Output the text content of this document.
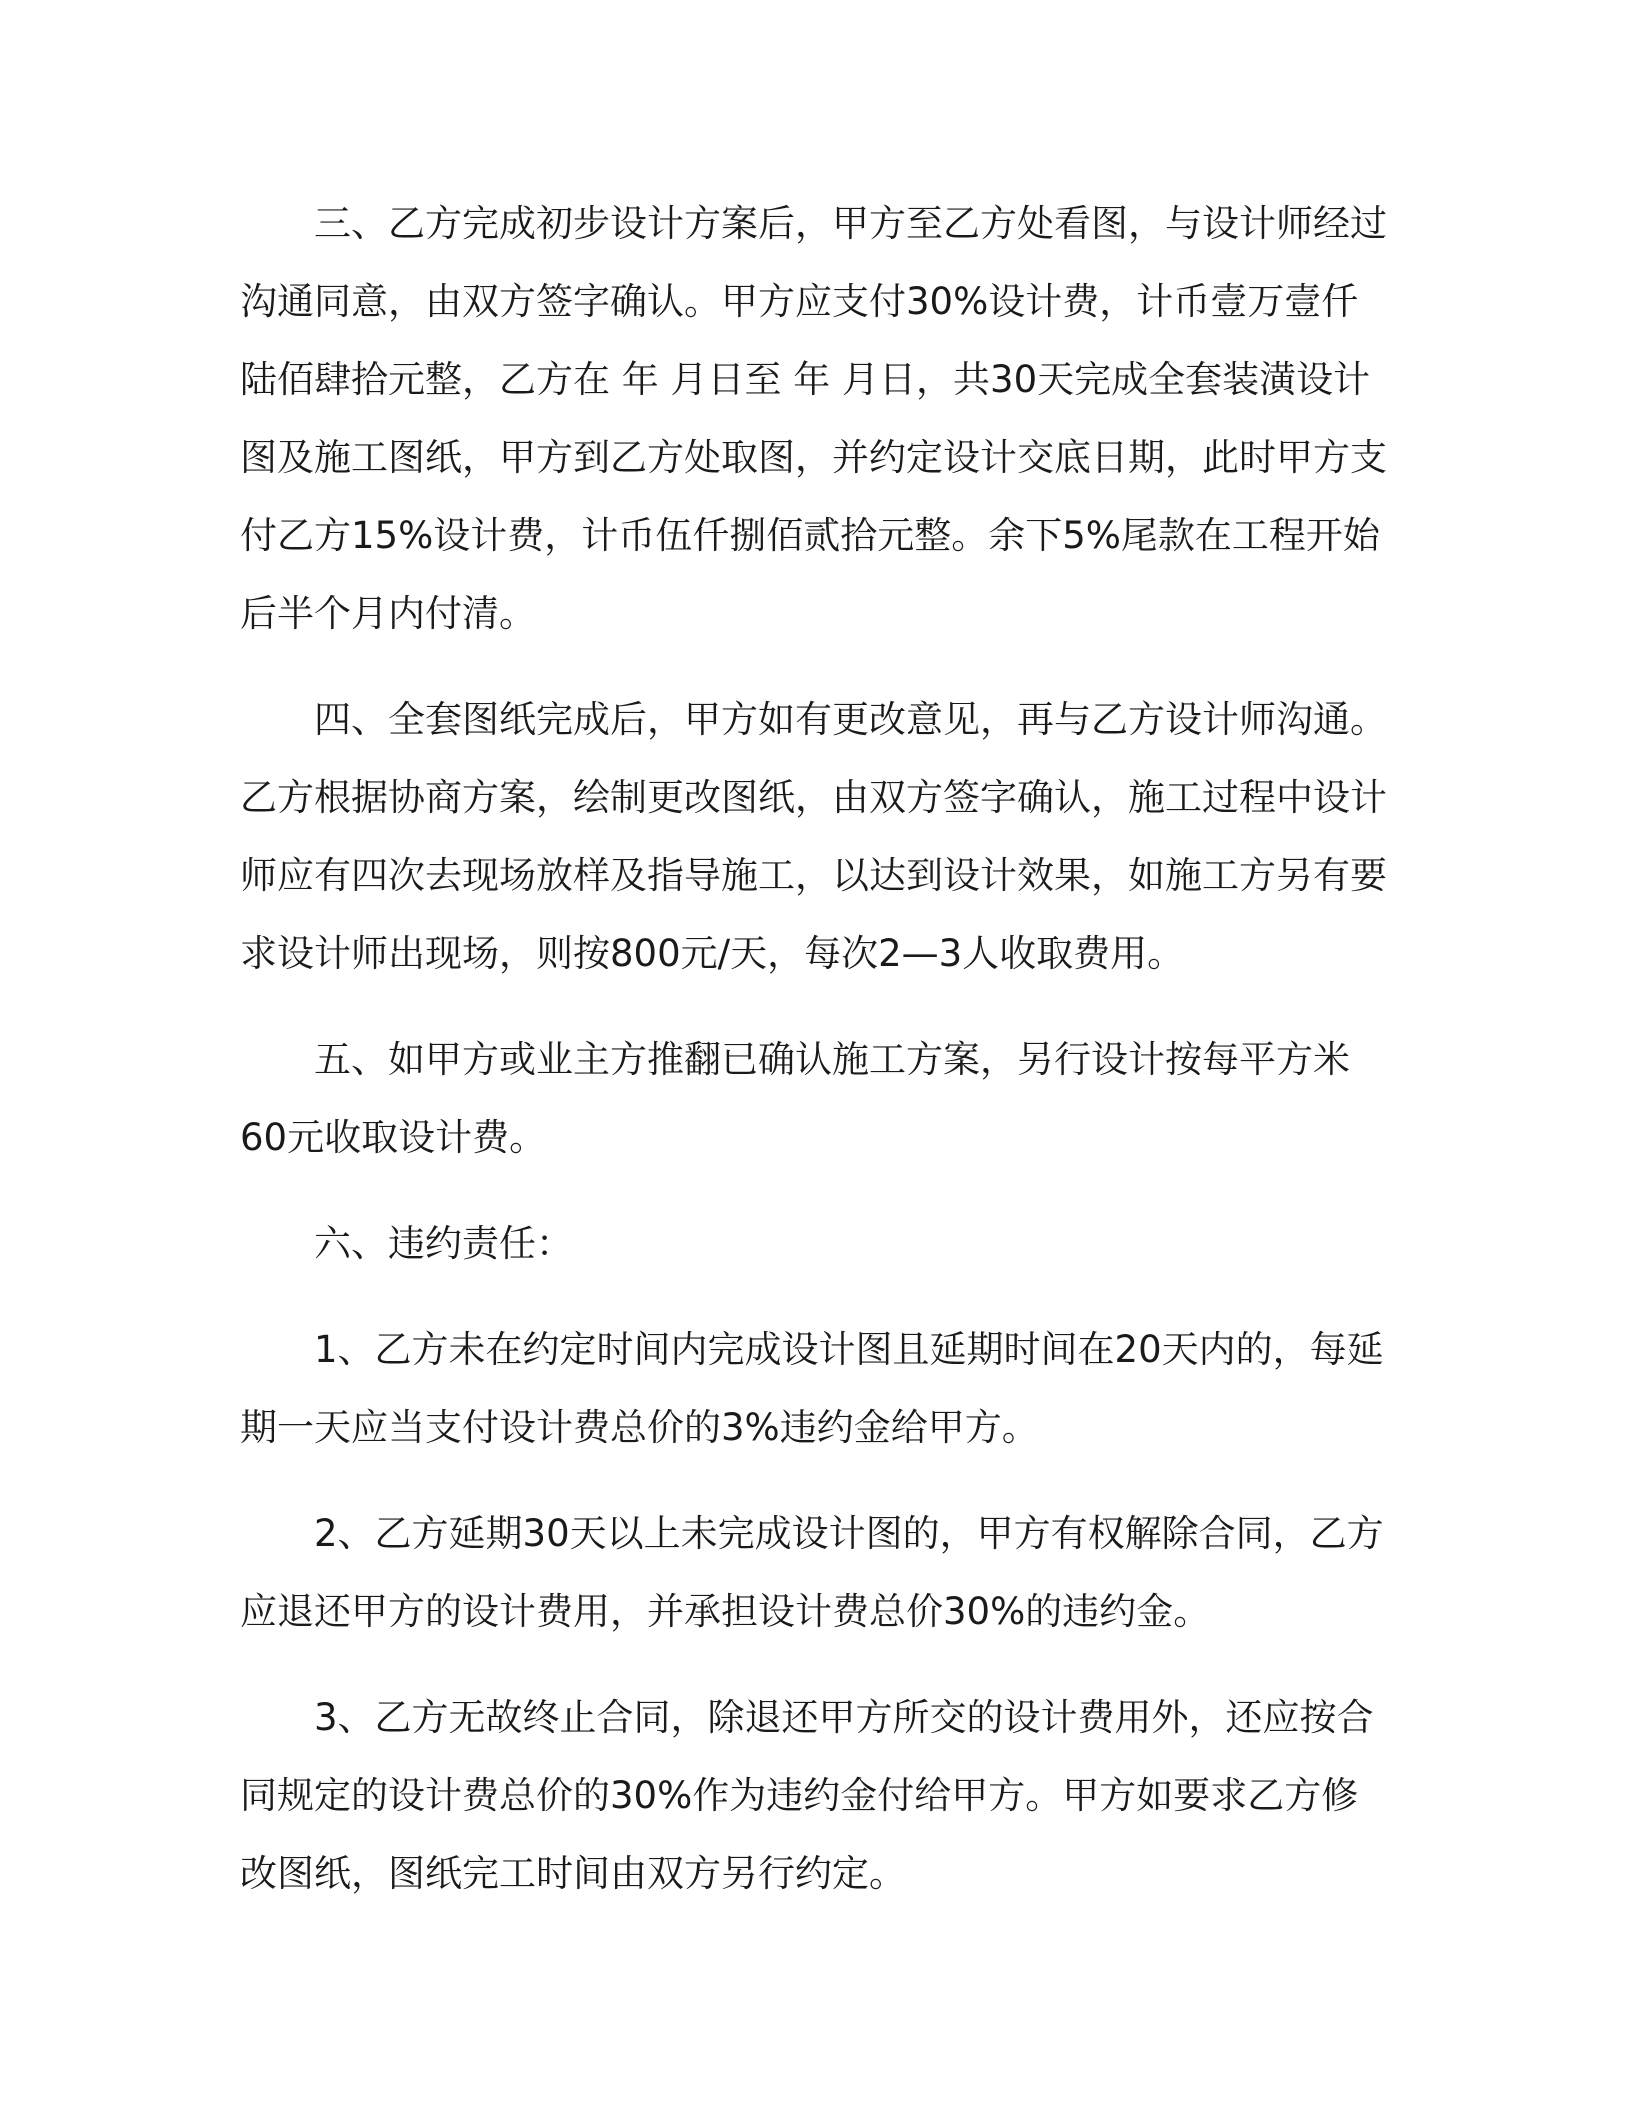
三、乙方完成初步设计方案后，甲方至乙方处看图，与设计师经过沟通同意，由双方签字确认。甲方应支付30%设计费，计币壹万壹仟陆佰肆拾元整，乙方在 年 月日至 年 月日，共30天完成全套装潢设计图及施工图纸，甲方到乙方处取图，并约定设计交底日期，此时甲方支付乙方15%设计费，计币伍仟捌佰贰拾元整。余下5%尾款在工程开始后半个月内付清。

四、全套图纸完成后，甲方如有更改意见，再与乙方设计师沟通。乙方根据协商方案，绘制更改图纸，由双方签字确认，施工过程中设计师应有四次去现场放样及指导施工，以达到设计效果，如施工方另有要求设计师出现场，则按800元/天，每次2—3人收取费用。

五、如甲方或业主方推翻已确认施工方案，另行设计按每平方米60元收取设计费。

六、违约责任：

1、乙方未在约定时间内完成设计图且延期时间在20天内的，每延期一天应当支付设计费总价的3%违约金给甲方。

2、乙方延期30天以上未完成设计图的，甲方有权解除合同，乙方应退还甲方的设计费用，并承担设计费总价30%的违约金。

3、乙方无故终止合同，除退还甲方所交的设计费用外，还应按合同规定的设计费总价的30%作为违约金付给甲方。甲方如要求乙方修改图纸，图纸完工时间由双方另行约定。
